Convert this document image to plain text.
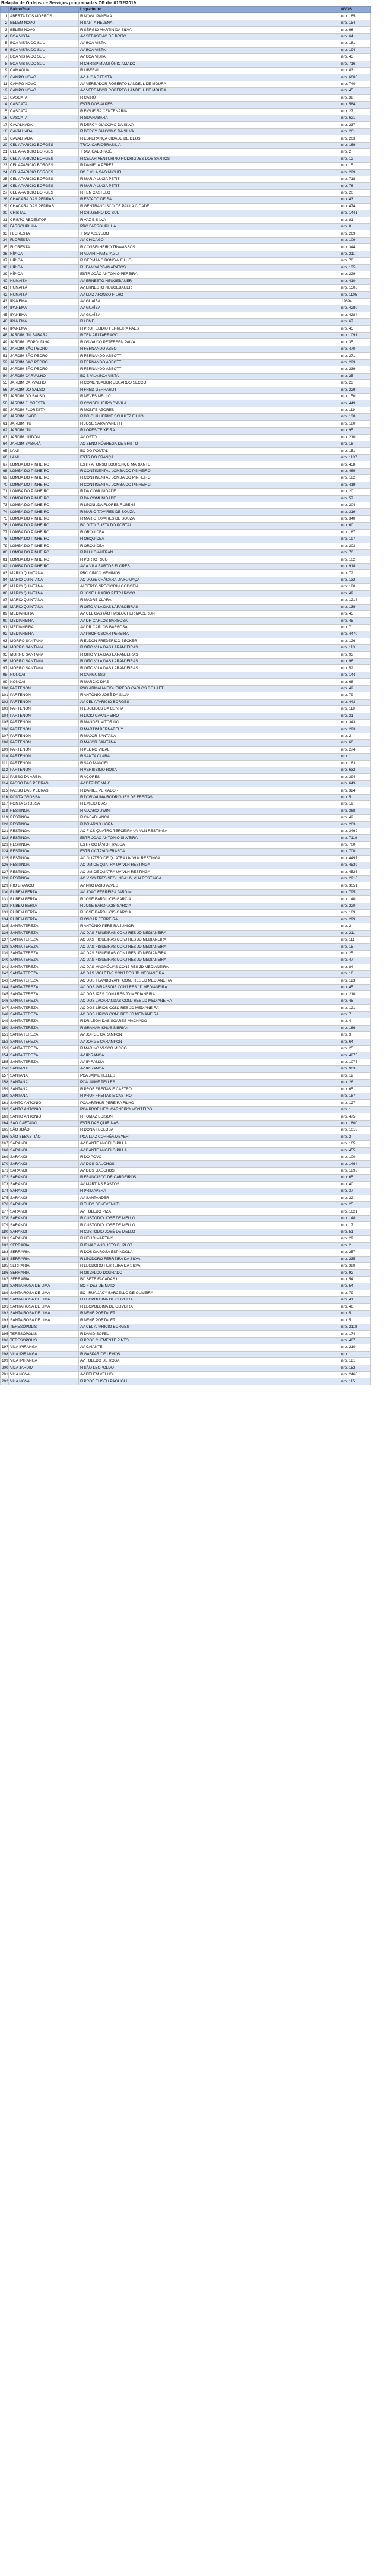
Relação de Ordens de Serviços programadas OP dia 01/12/2019
	Bairro/Rua	Logradouro	Nº/OS
1	ABERTA DOS MORROS	R NOVA IPANEMA	nro. 165
2	BELEM NOVO	R SANTA HELENA	nro. 154
3	BELEM NOVO	R SÉRGIO MARTIN DA SILVA	nro. 96
4	BOA VISTA	AV SEBASTIÃO DE BRITO	nro. 64
5	BOA VISTA DO SUL	AV BOA VISTA	nro. 181
6	BOA VISTA DO SUL	AV BOA VISTA	nro. 194
7	BOA VISTA DO SUL	AV BOA VISTA	nro. 45
8	BOA VISTA DO SUL	R CHRISPIM ANTÔNIO AMADO	nro. 716
9	CAMAQUÃ	R LIBERAL	nro. 831
10	CAMPO NOVO	AV JUCA BATISTA	nro. 6005
11	CAMPO NOVO	AV VEREADOR ROBERTO LANDELL DE MOURA	nro. 740
12	CAMPO NOVO	AV VEREADOR ROBERTO LANDELL DE MOURA	nro. 45
13	CASCATA	R CAIRÚ	nro. 38
14	CASCATA	ESTR DOS ALPES	nro. 584
15	CASCATA	R FIGUEIRA CENTENÁRIA	nro. 27
16	CASCATA	R GUANABARA	nro. 621
17	CAVALHADA	R DERCY GIACOMO DA SILVA	nro. 237
18	CAVALHADA	R DERCY GIACOMO DA SILVA	nro. 261
19	CAVALHADA	R ESPERANÇA CIDADE DE DEUS	nro. 203
20	CEL APARICIO BORGES	TRAV. CARIOBRASILIA	nro. 169
21	CEL APARICIO BORGES	TRAV. CABO NOÉ	nro. 2
22	CEL APARICIO BORGES	R CELAR VENTURINO RODRIGUES DOS SANTOS	nro. 12
23	CEL APARICIO BORGES	R DANIELA PEREZ	nro. 151
24	CEL APARICIO BORGES	BC F VILA SÃO MIGUEL	nro. 229
25	CEL APARICIO BORGES	R MARIA LUCIA PETIT	nro. 718
26	CEL APARICIO BORGES	R MARIA LUCIA PETIT	nro. 76
27	CEL APARICIO BORGES	R TEN CASTELO	nro. 20
28	CHACARA DAS PEDRAS	R ESTADO DE SÃ	nro. 43
29	CHACARA DAS PEDRAS	R GENTRANCISCO DE PAULA CIDADE	nro. 474
30	CRISTAL	R CRUZEIRO DO SUL	nro. 1441
31	CRISTO REDENTOR	R VAZ E SILVA	nro. 81
32	FARROUPILHA	PRÇ FARROUPILHA	nro. 0
33	FLORESTA	TRAV AZEVEDO	nro. 269
34	FLORESTA	AV CHICAGO	nro. 109
35	FLORESTA	R CONSELHEIRO TRAVASSOS	nro. 344
36	HÍPICA	R ADAIR FIAMETAGLI	nro. 211
37	HÍPICA	R GERMANO BONOW FILHO	nro. 70
38	HÍPICA	R JEAN VARDAMARATOS	nro. 135
39	HÍPICA	ESTR JOÃO ANTONIO PEREIRA	nro. 229
40	HUMAITÁ	AV ERNESTO NEUGEBAUER	nro. 410
41	HUMAITÁ	AV ERNESTO NEUGEBAUER	nro. 1505
42	HUMAITÁ	AV LUIZ AFONSO FILHO	nro. 1105
43	IPANEMA	AV GUAÍBA	12694
44	IPANEMA	AV GUAÍBA	nro. 4280
45	IPANEMA	AV GUAÍBA	nro. 4284
46	IPANEMA	R LEME	nro. 67
47	IPANEMA	R PROF ELIDIO FERREIRA PAES	nro. 45
48	JARDIM ITU SABARA	R TEN ARI TARRAGÔ	nro. 1091
49	JARDIM LEOPOLDINA	R OSVALDO PETERSEN PAIVA	nro. 35
50	JARDIM SÃO PEDRO	R FERNANDO ABBOTT	nro. 470
51	JARDIM SÃO PEDRO	R FERNANDO ABBOTT	nro. 271
52	JARDIM SÃO PEDRO	R FERNANDO ABBOTT	nro. 229
53	JARDIM SÃO PEDRO	R FERNANDO ABBOTT	nro. 239
54	JARDIM CARVALHO	BC B VILA BOA VISTA	nro. 25
55	JARDIM CARVALHO	R COMENDADOR EDUARDO SECCO	nro. 23
56	JARDIM DO SALSO	R FRED GERHARDT	nro. 229
57	JARDIM DO SALSO	R NEVES MELLO	nro. 150
58	JARDIM FLORESTA	R CONSELHEIRO D'AVILA	nro. 449
59	JARDIM FLORESTA	R MONTE AZORES	nro. 119
60	JARDIM ISABEL	R DR GUILHERME SCHULTZ FILHO	nro. 138
61	JARDIM ITÚ	R JOSÉ SARAIVANETTI	nro. 180
62	JARDIM ITÚ	R LOPES TEIXEIRA	nro. 95
63	JARDIM LINDÓIA	AV OSTO	nro. 210
64	JARDIM SABARÁ	AC ZENO NÓBREGA DE BRITTO	nro. 18
65	LAMI	BC DO PONTAL	nro. 151
66	LAMI	ESTR DO FRANÇA	nro. 1137
67	LOMBA DO PINHEIRO	ESTR AFONSO LOURENÇO MARIANTE	nro. 458
68	LOMBA DO PINHEIRO	R CONTINENTAL LOMBA DO PINHEIRO	nro. 469
69	LOMBA DO PINHEIRO	R CONTINENTAL LOMBA DO PINHEIRO	nro. 182
70	LOMBA DO PINHEIRO	R CONTINENTAL LOMBA DO PINHEIRO	nro. 419
71	LOMBA DO PINHEIRO	R DA COMUNIDADE	nro. 20
72	LOMBA DO PINHEIRO	R DA COMUNIDADE	nro. 57
73	LOMBA DO PINHEIRO	R LEONILDA FLORES RUBENS	nro. 204
74	LOMBA DO PINHEIRO	R MARIO TAVARES DE SOUZA	nro. 319
75	LOMBA DO PINHEIRO	R MARIO TAVARES DE SOUZA	nro. 340
76	LOMBA DO PINHEIRO	BC DITO GUSTA DO PORTAL	nro. 60
77	LOMBA DO PINHEIRO	R ORQUÍDEA	nro. 187
78	LOMBA DO PINHEIRO	R ORQUÍDEA	nro. 197
79	LOMBA DO PINHEIRO	R ORQUÍDEA	nro. 203
80	LOMBA DO PINHEIRO	R PAULO AUTRAN	nro. 70
81	LOMBA DO PINHEIRO	R PORTO RICO	nro. 102
82	LOMBA DO PINHEIRO	AV A VILA BARTOS FLORES	nro. 918
83	MARIO QUINTANA	PRÇ CINCO MENINOS	nro. 721
84	MARIO QUINTANA	AC DOZE CHÁCARA DA FUMAÇA I	nro. 132
85	MARIO QUINTANA	ALBERTO SPEGIORIN GODÓFIA	nro. 180
86	MARIO QUINTANA	R JOSÉ HILARIO PETRAROCO	nro. 49
87	MARIO QUINTANA	R MADRE CLARA	nro. 1218
88	MARIO QUINTANA	R OITO VILA DAS LARANJEIRAS	nro. 139
89	MEDIANEIRA	AV CEL GASTÃO HASLOCHER MAZERON	nro. 45
90	MEDIANEIRA	AV DR CARLOS BARBOSA	nro. 45
91	MEDIANEIRA	AV DR CARLOS BARBOSA	nro. 7
92	MEDIANEIRA	AV PROF OSCAR PEREIRA	nro. 4470
93	MORRO SANTANA	R ELDON FREDERICO BECKER	nro. 126
94	MORRO SANTANA	R OITO VILA DAS LARANJEIRAS	nro. 113
95	MORRO SANTANA	R OITO VILA DAS LARANJEIRAS	nro. 93
96	MORRO SANTANA	R OITO VILA DAS LARANJEIRAS	nro. 96
97	MORRO SANTANA	R OITO VILA DAS LARANJEIRAS	nro. 52
98	NONOAI	R CANGUSSU	nro. 144
99	NONOAI	R MARCIO DIAS	nro. 68
100	PARTENON	PSG ARMÁLIA FIGUEIREDO CARLOS DE LAET	nro. 42
101	PARTENON	R ANTÔNIO JOSÉ DA SILVA	nro. 79
102	PARTENON	AV CEL APARICIO BORGES	nro. 443
103	PARTENON	R EUCLIDES DA CUNHA	nro. 119
104	PARTENON	R LICIO CAVALHEIRO	nro. 21
105	PARTENON	R MANOEL VITORINO	nro. 343
106	PARTENON	R MARTIM BERNABEHY	nro. 293
107	PARTENON	R MAJOR SANTANA	nro. 2
108	PARTENON	R MAJOR SANTANA	nro. 60
109	PARTENON	R PEDRO VIDAL	nro. 274
110	PARTENON	R SANTA CLARA	nro. 1
111	PARTENON	R SÃO MANOEL	nro. 183
112	PARTENON	R VERISSIMO ROSA	nro. 632
113	PASSO DA AREIA	R AÇORES	nro. 394
114	PASSO DAS PEDRAS	AV DEZ DE MAIO	nro. 643
115	PASSO DAS PEDRAS	R DANIEL PERIADOR	nro. 324
116	PONTA GROSSA	R DORVALINA RODRIGUES DE FREITAS	nro. 5
117	PONTA GROSSA	R EMILIO DIAS	nro. 19
118	RESTINGA	R ALVARO DWINI	nro. 368
119	RESTINGA	R CASABLANCA	nro. 42
120	RESTINGA	R DR ARNO HORN	nro. 263
121	RESTINGA	AC F CS QUATRO TERCEIRA UV VLN RESTINGA	nro. 3469
122	RESTINGA	ESTR JOÃO ANTONIO SILVEIRA	nro. 7119
123	RESTINGA	ESTR OCTÁVIO FRASCA	nro. 700
124	RESTINGA	ESTR OCTÁVIO FRASCA	nro. 700
125	RESTINGA	AC QUATRO DE QUATRA UV VLN RESTINGA	nro. 4497
126	RESTINGA	AC UM DE QUATRA UV VLN RESTINGA	nro. 4529
127	RESTINGA	AC UM DE QUATRA UV VLN RESTINGA	nro. 4526
128	RESTINGA	AC V SO TRES SEGUNDA UV VLN RESTINGA	nro. 2216
129	RIO BRANCO	AV PROTASIO ALVES	nro. 3051
130	RUBEM BERTA	AV JOÃO FERREIRA JARDIM	nro. 795
131	RUBEM BERTA	R JOSÉ BARDIUCIS GARCIA	nro. 140
132	RUBEM BERTA	R JOSÉ BARDIUCIS GARCIA	nro. 220
133	RUBEM BERTA	R JOSÉ BARDIUCIS GARCIA	nro. 189
134	RUBEM BERTA	R OSCAR FERREIRA	nro. 299
135	SANTA TEREZA	R ANTÔNIO PEREIRA JUNIOR	nro. 2
136	SANTA TEREZA	AC DAS FIGUEIRAS CONJ RES JD MEDIANEIRA	nro. 211
137	SANTA TEREZA	AC DAS FIGUEIRAS CONJ RES JD MEDIANEIRA	nro. 111
138	SANTA TEREZA	AC DAS FIGUEIRAS CONJ RES JD MEDIANEIRA	nro. 15
139	SANTA TEREZA	AC DAS FIGUEIRAS CONJ RES JD MEDIANEIRA	nro. 25
140	SANTA TEREZA	AC DAS FIGUEIRAS CONJ RES JD MEDIANEIRA	nro. 47
141	SANTA TEREZA	AC DAS MAGNÓLIAS CONJ RES JD MEDIANEIRA	nro. 84
142	SANTA TEREZA	AC DAS VIOLETAS CONJ RES JD MEDIANEIRA	nro. 16
143	SANTA TEREZA	AC DOS FLAMBOYANT CONJ RES JD MEDIANEIRA	nro. 123
144	SANTA TEREZA	AC DOS GIRASSOIS CONJ RES JD MEDIANEIRA	nro. 45
145	SANTA TEREZA	AC DOS IPÊS CONJ RES JD MEDIANEIRA	nro. 210
146	SANTA TEREZA	AC DOS JACARANDÁS CONJ RES JD MEDIANEIRA	nro. 45
147	SANTA TEREZA	AC DOS LÍRIOS CONJ RES JD MEDIANEIRA	nro. 121
148	SANTA TEREZA	AC DOS LÍRIOS CONJ RES JD MEDIANEIRA	nro. 7
149	SANTA TEREZA	R DR LEONIDAS SOARES MACHADO	nro. 4
150	SANTA TEREZA	R GRAHAM KNUS SIBRIAN	nro. 166
151	SANTA TEREZA	AV JORGE CARAMPON	nro. 3
152	SANTA TEREZA	AV JORGE CARAMPON	nro. 64
153	SANTA TEREZA	R MARINO VASCO MICCO	nro. 25
154	SANTA TEREZA	AV IPIRANGA	nro. 4875
155	SANTA TEREZA	AV IPIRANGA	nro. 1075
156	SANTANA	AV IPIRANGA	nro. 903
157	SANTANA	PCA JAIME TELLES	nro. 12
158	SANTANA	PCA JAIME TELLES	nro. 26
159	SANTANA	R PROF FREITAS E CASTRO	nro. 65
160	SANTANA	R PROF FREITAS E CASTRO	nro. 187
161	SANTO ANTONIO	PCA ARTHUR PEREIRA FILHO	nro. 127
162	SANTO ANTONIO	PCA PROF HECI CARNEIRO MONTEIRO	nro. 1
163	SANTO ANTONIO	R TOMAZ EDISON	nro. 475
164	SÃO CAETANO	ESTR DAS QUIRINAS	nro. 1800
165	SÃO JOÃO	R DONA TECLOSA	nro. 1018
166	SÃO SEBASTIÃO	PCA LUIZ CORRÊA MEYER	nro. 2
167	SARANDI	AV DANTE ANGELO PILLA	nro. 165
168	SARANDI	AV DANTE ANGELO PILLA	nro. 455
169	SARANDI	R DO POVO	nro. 100
170	SARANDI	AV DOS GAÚCHOS	nro. 1464
171	SARANDI	AV DOS GAÚCHOS	nro. 1893
172	SARANDI	R FRANCISCO DE CARDEIROS	nro. 65
173	SARANDI	AV MARTINS BASTOS	nro. 40
174	SARANDI	R PRIMAVERA	nro. 37
175	SARANDI	AV SANTANDER	nro. 22
176	SARANDI	R THEO BENEVENUTI	nro. 25
177	SARANDI	AV TOLEDO PIZA	nro. 1621
178	SARANDI	R CUSTODIO JOSÉ DE MELLO	nro. 148
179	SARANDI	R CUSTODIO JOSÉ DE MELLO	nro. 17
180	SARANDI	R CUSTODIO JOSÉ DE MELLO	nro. 51
181	SARANDI	R HELIO MARTINS	nro. 29
182	SERRARIA	R IRMÃO AUGUSTO DUPLOT	nro. 2
183	SERRARIA	R DOS DA ROSA ESPÍNDOLA	nro. 257
184	SERRARIA	R LEODORO FERREIRA DA SILVA	nro. 235
185	SERRARIA	R LEODORO FERREIRA DA SILVA	nro. 380
186	SERRARIA	R OSVALDO DOURADO	nro. 92
187	SERRARIA	BC SETE FACADAS I	nro. 54
188	SANTA ROSA DE LIMA	BC F DEZ DE MAIO	nro. 54
189	SANTA ROSA DE LIMA	BC I RUA JACY BARCELLO DE OLIVEIRA	nro. 79
190	SANTA ROSA DE LIMA	R LEOPOLDINA DE OLIVEIRA	nro. 41
191	SANTA ROSA DE LIMA	R LEOPOLDINA DE OLIVEIRA	nro. 46
192	SANTA ROSA DE LIMA	R NENÊ PORTALET	nro. 5
193	SANTA ROSA DE LIMA	R NENÊ PORTALET	nro. 5
194	TERESÓPOLIS	AV CEL APARICIO BORGES	nro. 2118
195	TERESÓPOLIS	R DAVID SOPEL	nro. 174
196	TERESÓPOLIS	R PROF CLEMENTE PINTO	nro. 487
197	VILA IPIRANGA	AV CAIANTE	nro. 210
198	VILA IPIRANGA	R GASPAR DE LEMOS	nro. 1
199	VILA IPIRANGA	AV TOLEDO DE ROSA	nro. 181
200	VILA JARDIM	R SÃO LEOPOLDO	nro. 152
201	VILA NOVA	AV BELÉM VELHO	nro. 2460
202	VILA NOVA	R PROF ELISEU PAGLIOLI	nro. 115
